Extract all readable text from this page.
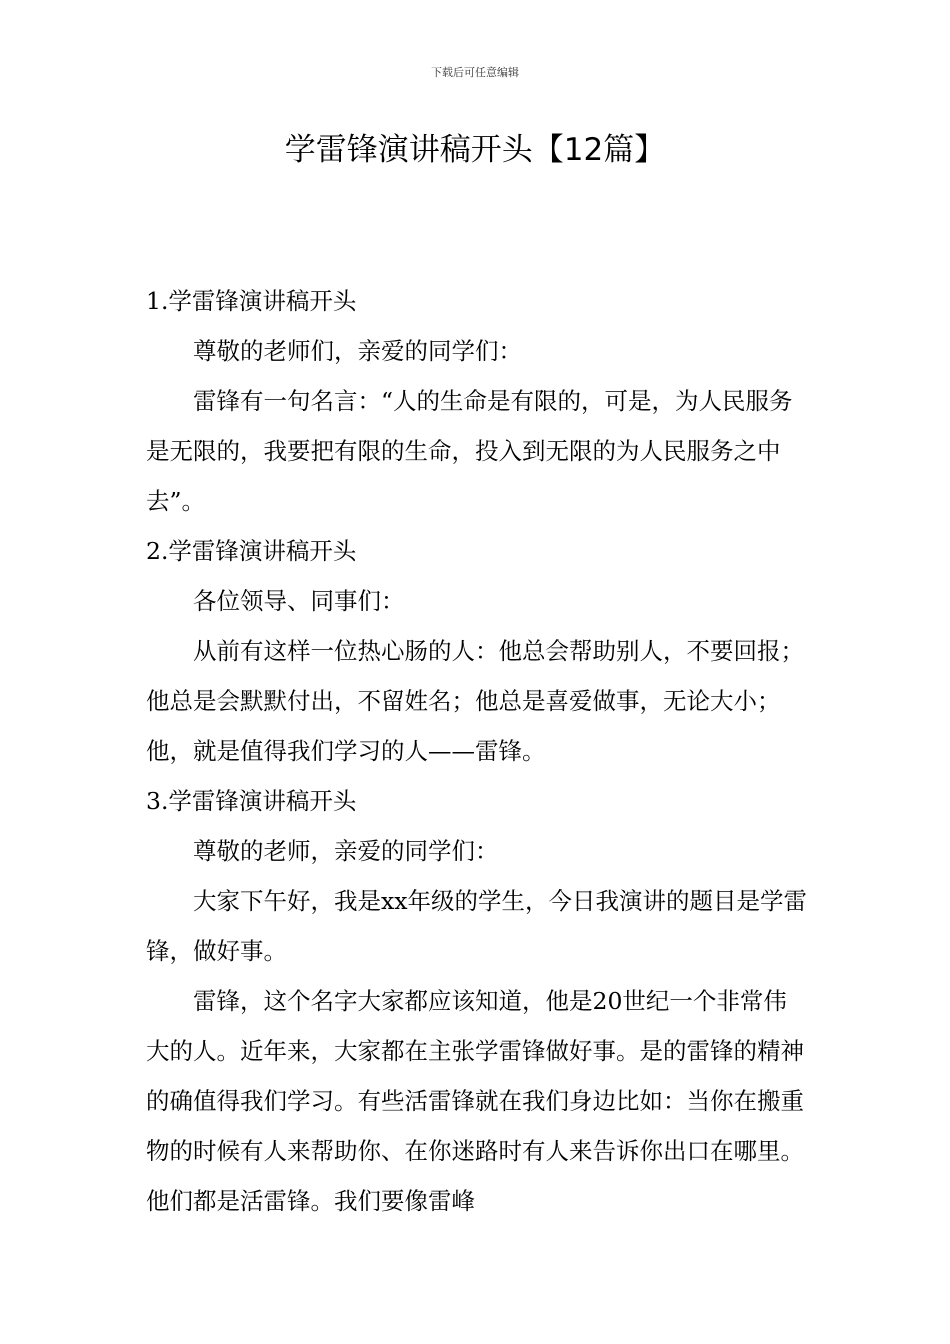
下载后可任意编辑
学雷锋演讲稿开头【12篇】

1.学雷锋演讲稿开头

尊敬的老师们，亲爱的同学们：

雷锋有一句名言：“人的生命是有限的，可是，为人民服务是无限的，我要把有限的生命，投入到无限的为人民服务之中去”。

2.学雷锋演讲稿开头

各位领导、同事们：

从前有这样一位热心肠的人：他总会帮助别人，不要回报；他总是会默默付出，不留姓名；他总是喜爱做事，无论大小；他，就是值得我们学习的人——雷锋。

3.学雷锋演讲稿开头

尊敬的老师，亲爱的同学们：

大家下午好，我是xx年级的学生，今日我演讲的题目是学雷锋，做好事。

雷锋，这个名字大家都应该知道，他是20世纪一个非常伟大的人。近年来，大家都在主张学雷锋做好事。是的雷锋的精神的确值得我们学习。有些活雷锋就在我们身边比如：当你在搬重物的时候有人来帮助你、在你迷路时有人来告诉你出口在哪里。他们都是活雷锋。我们要像雷峰
